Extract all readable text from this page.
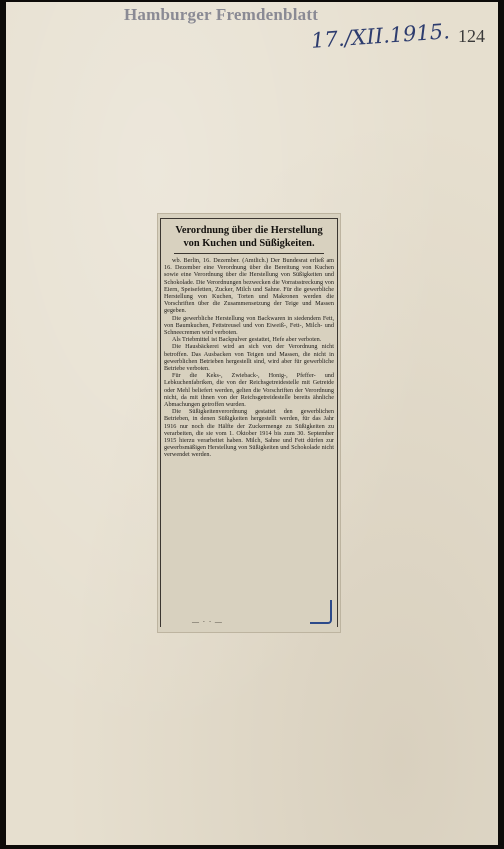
Hamburger Fremdenblatt
17./XII.1915. 124
Verordnung über die Herstellung
von Kuchen und Süßigkeiten.

wb. Berlin, 16. Dezember. (Amtlich.) Der Bundesrat erließ am 16. Dezember eine Verordnung über die Bereitung von Kuchen sowie eine Verordnung über die Herstellung von Süßigkeiten und Schokolade. Die Verordnungen bezwecken die Vorratsstreckung von Eiern, Speisefetten, Zucker, Milch und Sahne. Für die gewerbliche Herstellung von Kuchen, Torten und Makronen werden die Vorschriften über die Zusammensetzung der Teige und Massen gegeben.

Die gewerbliche Herstellung von Backwaren in siedendem Fett, von Baumkuchen, Fettstreusel und von Eiweiß-, Fett-, Milch- und Schneecremen wird verboten.

Als Triebmittel ist Backpulver gestattet, Hefe aber verboten.

Die Hausbäckerei wird an sich von der Verordnung nicht betroffen. Das Ausbacken von Teigen und Massen, die nicht in gewerblichen Betrieben hergestellt sind, wird aber für gewerbliche Betriebe verboten.

Für die Keks-, Zwieback-, Honig-, Pfeffer- und Lebkuchenfabriken, die von der Reichsgetreidestelle mit Getreide oder Mehl beliefert werden, gelten die Vorschriften der Verordnung nicht, da mit ihnen von der Reichsgetreidestelle bereits ähnliche Abmachungen getroffen wurden.

Die Süßigkeitenverordnung gestattet den gewerblichen Betrieben, in denen Süßigkeiten hergestellt werden, für das Jahr 1916 nur noch die Hälfte der Zuckermenge zu Süßigkeiten zu verarbeiten, die sie vom 1. Oktober 1914 bis zum 30. September 1915 hierzu verarbeitet haben. Milch, Sahne und Fett dürfen zur gewerbsmäßigen Herstellung von Süßigkeiten und Schokolade nicht verwendet werden.

— · · —
